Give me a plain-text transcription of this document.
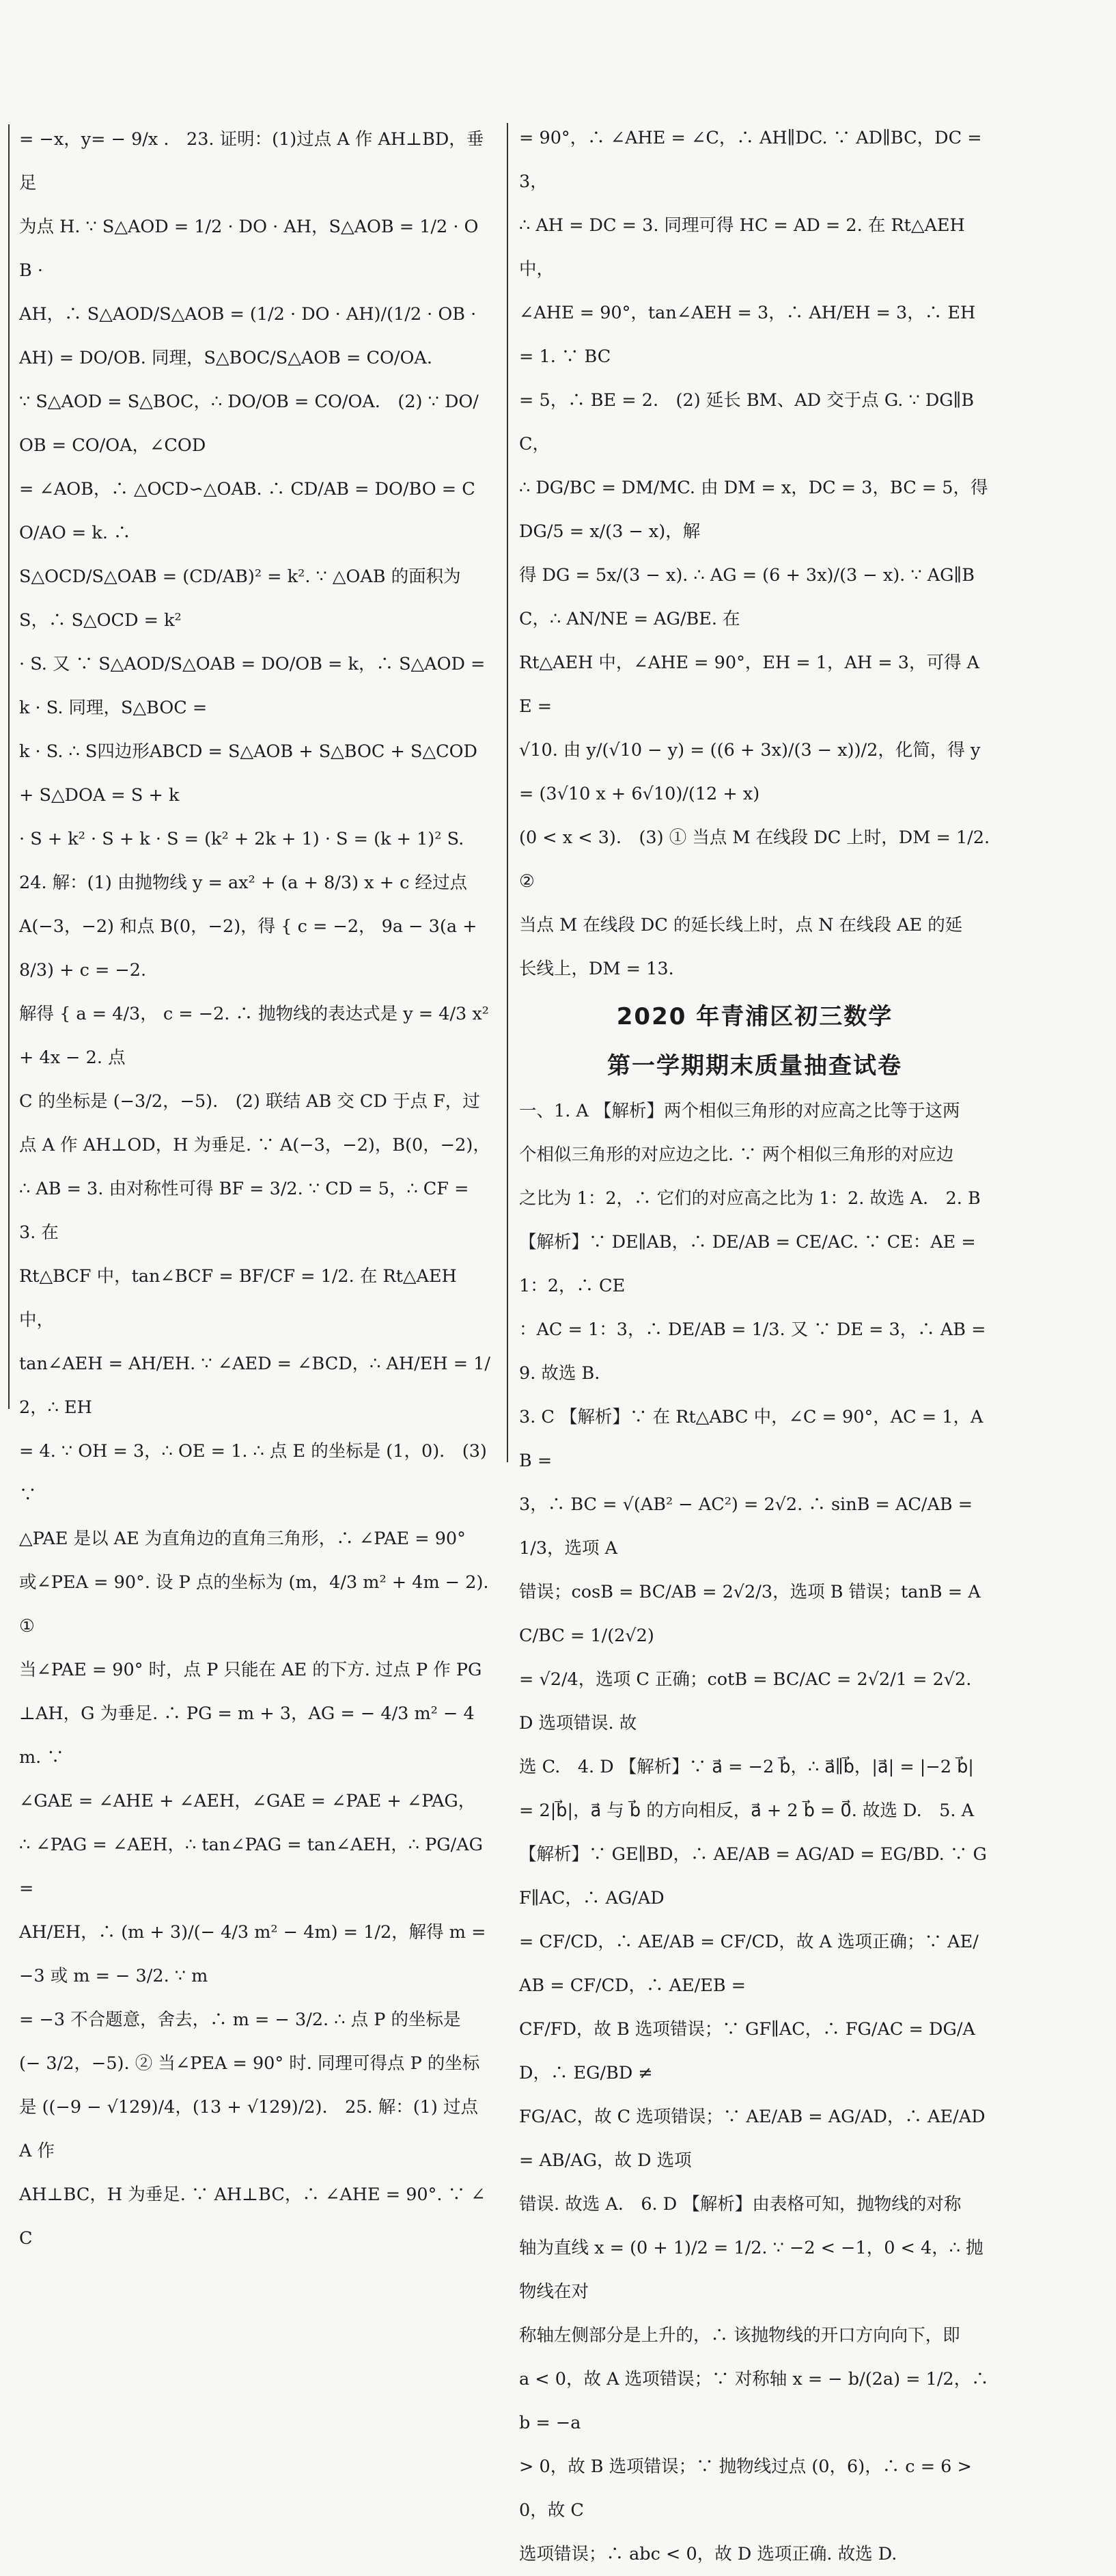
= −x，y= − 9/x .　23. 证明：(1)过点 A 作 AH⊥BD，垂足
为点 H. ∵ S△AOD = 1/2 · DO · AH，S△AOB = 1/2 · OB ·
AH，∴ S△AOD/S△AOB = (1/2 · DO · AH)/(1/2 · OB · AH) = DO/OB. 同理，S△BOC/S△AOB = CO/OA.
∵ S△AOD = S△BOC，∴ DO/OB = CO/OA.　(2) ∵ DO/OB = CO/OA，∠COD
= ∠AOB，∴ △OCD∽△OAB. ∴ CD/AB = DO/BO = CO/AO = k. ∴
S△OCD/S△OAB = (CD/AB)² = k². ∵ △OAB 的面积为 S，∴ S△OCD = k²
· S. 又 ∵ S△AOD/S△OAB = DO/OB = k，∴ S△AOD = k · S. 同理，S△BOC =
k · S. ∴ S四边形ABCD = S△AOB + S△BOC + S△COD + S△DOA = S + k
· S + k² · S + k · S = (k² + 2k + 1) · S = (k + 1)² S.
24. 解：(1) 由抛物线 y = ax² + (a + 8/3) x + c 经过点
A(−3，−2) 和点 B(0，−2)，得 { c = −2， 9a − 3(a + 8/3) + c = −2.
解得 { a = 4/3， c = −2. ∴ 抛物线的表达式是 y = 4/3 x² + 4x − 2. 点
C 的坐标是 (−3/2，−5).　(2) 联结 AB 交 CD 于点 F，过
点 A 作 AH⊥OD，H 为垂足. ∵ A(−3，−2)，B(0，−2)，
∴ AB = 3. 由对称性可得 BF = 3/2. ∵ CD = 5，∴ CF = 3. 在
Rt△BCF 中，tan∠BCF = BF/CF = 1/2. 在 Rt△AEH 中，
tan∠AEH = AH/EH. ∵ ∠AED = ∠BCD，∴ AH/EH = 1/2，∴ EH
= 4. ∵ OH = 3，∴ OE = 1. ∴ 点 E 的坐标是 (1，0).　(3) ∵
△PAE 是以 AE 为直角边的直角三角形，∴ ∠PAE = 90°
或∠PEA = 90°. 设 P 点的坐标为 (m，4/3 m² + 4m − 2). ①
当∠PAE = 90° 时，点 P 只能在 AE 的下方. 过点 P 作 PG
⊥AH，G 为垂足. ∴ PG = m + 3，AG = − 4/3 m² − 4m. ∵
∠GAE = ∠AHE + ∠AEH，∠GAE = ∠PAE + ∠PAG，
∴ ∠PAG = ∠AEH，∴ tan∠PAG = tan∠AEH，∴ PG/AG =
AH/EH，∴ (m + 3)/(− 4/3 m² − 4m) = 1/2，解得 m = −3 或 m = − 3/2. ∵ m
= −3 不合题意，舍去，∴ m = − 3/2. ∴ 点 P 的坐标是
(− 3/2，−5). ② 当∠PEA = 90° 时. 同理可得点 P 的坐标
是 ((−9 − √129)/4，(13 + √129)/2).　25. 解：(1) 过点 A 作
AH⊥BC，H 为垂足. ∵ AH⊥BC，∴ ∠AHE = 90°. ∵ ∠C
= 90°，∴ ∠AHE = ∠C，∴ AH∥DC. ∵ AD∥BC，DC = 3，
∴ AH = DC = 3. 同理可得 HC = AD = 2. 在 Rt△AEH 中，
∠AHE = 90°，tan∠AEH = 3，∴ AH/EH = 3，∴ EH = 1. ∵ BC
= 5，∴ BE = 2.　(2) 延长 BM、AD 交于点 G. ∵ DG∥BC，
∴ DG/BC = DM/MC. 由 DM = x，DC = 3，BC = 5，得 DG/5 = x/(3 − x)，解
得 DG = 5x/(3 − x). ∴ AG = (6 + 3x)/(3 − x). ∵ AG∥BC，∴ AN/NE = AG/BE. 在
Rt△AEH 中，∠AHE = 90°，EH = 1，AH = 3，可得 AE =
√10. 由 y/(√10 − y) = ((6 + 3x)/(3 − x))/2，化简，得 y = (3√10 x + 6√10)/(12 + x)
(0 < x < 3).　(3) ① 当点 M 在线段 DC 上时，DM = 1/2. ②
当点 M 在线段 DC 的延长线上时，点 N 在线段 AE 的延
长线上，DM = 13.
2020 年青浦区初三数学
第一学期期末质量抽查试卷
一、1. A 【解析】两个相似三角形的对应高之比等于这两
个相似三角形的对应边之比. ∵ 两个相似三角形的对应边
之比为 1：2，∴ 它们的对应高之比为 1：2. 故选 A.　2. B
【解析】∵ DE∥AB，∴ DE/AB = CE/AC. ∵ CE：AE = 1：2，∴ CE
：AC = 1：3，∴ DE/AB = 1/3. 又 ∵ DE = 3，∴ AB = 9. 故选 B.
3. C 【解析】∵ 在 Rt△ABC 中，∠C = 90°，AC = 1，AB =
3，∴ BC = √(AB² − AC²) = 2√2. ∴ sinB = AC/AB = 1/3，选项 A
错误；cosB = BC/AB = 2√2/3，选项 B 错误；tanB = AC/BC = 1/(2√2)
= √2/4，选项 C 正确；cotB = BC/AC = 2√2/1 = 2√2. D 选项错误. 故
选 C.　4. D 【解析】∵ a⃗ = −2 b⃗，∴ a⃗∥b⃗，|a⃗| = |−2 b⃗|
= 2|b⃗|，a⃗ 与 b⃗ 的方向相反，a⃗ + 2 b⃗ = 0⃗. 故选 D.　5. A
【解析】∵ GE∥BD，∴ AE/AB = AG/AD = EG/BD. ∵ GF∥AC，∴ AG/AD
= CF/CD，∴ AE/AB = CF/CD，故 A 选项正确；∵ AE/AB = CF/CD，∴ AE/EB =
CF/FD，故 B 选项错误；∵ GF∥AC，∴ FG/AC = DG/AD，∴ EG/BD ≠
FG/AC，故 C 选项错误；∵ AE/AB = AG/AD，∴ AE/AD = AB/AG，故 D 选项
错误. 故选 A.　6. D 【解析】由表格可知，抛物线的对称
轴为直线 x = (0 + 1)/2 = 1/2. ∵ −2 < −1，0 < 4，∴ 抛物线在对
称轴左侧部分是上升的，∴ 该抛物线的开口方向向下，即
a < 0，故 A 选项错误；∵ 对称轴 x = − b/(2a) = 1/2，∴ b = −a
> 0，故 B 选项错误；∵ 抛物线过点 (0，6)，∴ c = 6 > 0，故 C
选项错误；∴ abc < 0，故 D 选项正确. 故选 D.
